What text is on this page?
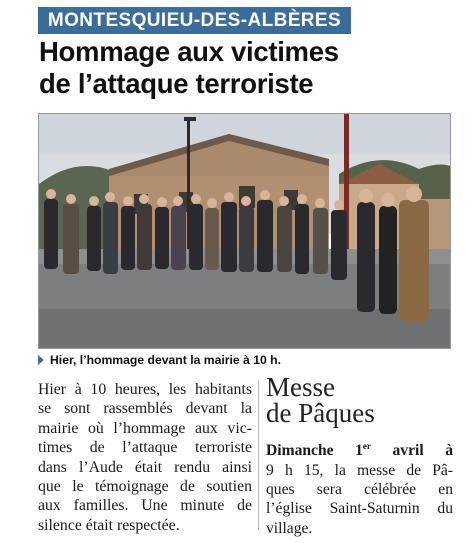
MONTESQUIEU-DES-ALBÈRES
Hommage aux victimes
de l’attaque terroriste
Hier, l’hommage devant la mairie à 10 h.

Hier à 10 heures, les habitants
se sont rassemblés devant la
mairie où l’hommage aux vic-
times de l’attaque terroriste
dans l’Aude était rendu ainsi
que le témoignage de soutien
aux familles. Une minute de
silence était respectée.

Messe
de Pâques

Dimanche 1er avril à
9 h 15, la messe de Pâ-
ques sera célébrée en
l’église Saint-Saturnin du
village.
